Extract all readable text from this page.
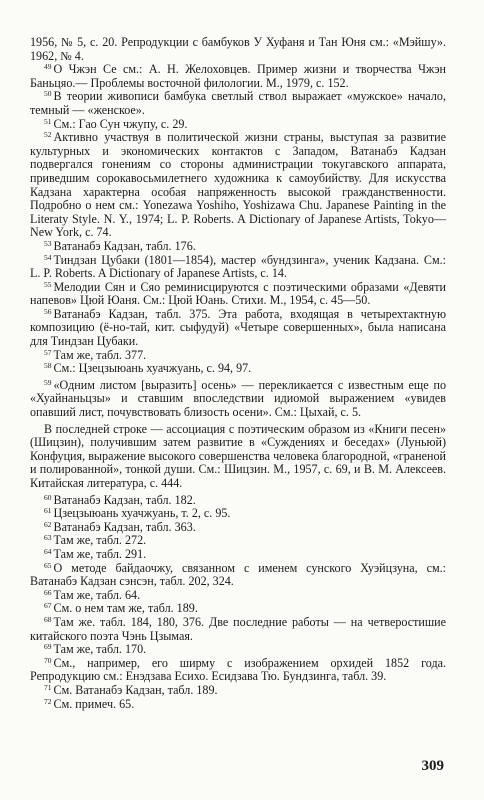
1956, № 5, с. 20. Репродукции с бамбуков У Хуфаня и Тан Юня см.: «Мэйшу». 1962, № 4.

$^{49}$ О Чжэн Се см.: А. Н. Желоховцев. Пример жизни и творчества Чжэн Баньцяо.— Проблемы восточной филологии. М., 1979, с. 152.

$^{50}$ В теории живописи бамбука светлый ствол выражает «мужское» начало, темный — «женское».

$^{51}$ См.: Гао Сун чжупу, с. 29.

$^{52}$ Активно участвуя в политической жизни страны, выступая за развитие культурных и экономических контактов с Западом, Ватанабэ Кадзан подвергался гонениям со стороны администрации токугавского аппарата, приведшим сорокавосьмилетнего художника к самоубийству. Для искусства Кадзана характерна особая напряженность высокой гражданственности. Подробно о нем см.: Yonezawa Yoshiho, Yoshizawa Chu. Japanese Painting in the Literaty Style. N. Y., 1974; L. P. Roberts. A Dictionary of Japanese Artists, Tokyo—New York, с. 74.

$^{53}$ Ватанабэ Кадзан, табл. 176.

$^{54}$ Тиндзан Цубаки (1801—1854), мастер «бундзинга», ученик Кадзана. См.: L. P. Roberts. A Dictionary of Japanese Artists, с. 14.

$^{55}$ Мелодии Сян и Сяо реминисцируются с поэтическими образами «Девяти напевов» Цюй Юаня. См.: Цюй Юань. Стихи. М., 1954, с. 45—50.

$^{56}$ Ватанабэ Кадзан, табл. 375. Эта работа, входящая в четырехтактную композицию (ё-но-тай, кит. сыфудуй) «Четыре совершенных», была написана для Тиндзан Цубаки.

$^{57}$ Там же, табл. 377.

$^{58}$ См.: Цзецзыюань хуачжуань, с. 94, 97.

$^{59}$ «Одним листом [выразить] осень» — перекликается с известным еще по «Хуайнаньцзы» и ставшим впоследствии идиомой выражением «увидев опавший лист, почувствовать близость осени». См.: Цыхай, с. 5.

В последней строке — ассоциация с поэтическим образом из «Книги песен» (Шицзин), получившим затем развитие в «Суждениях и беседах» (Луньюй) Конфуция, выражение высокого совершенства человека благородной, «граненой и полированной», тонкой души. См.: Шицзин. М., 1957, с. 69, и В. М. Алексеев. Китайская литература, с. 444.

$^{60}$ Ватанабэ Кадзан, табл. 182.

$^{61}$ Цзецзыюань хуачжуань, т. 2, с. 95.

$^{62}$ Ватанабэ Кадзан, табл. 363.

$^{63}$ Там же, табл. 272.

$^{64}$ Там же, табл. 291.

$^{65}$ О методе байдаочжу, связанном с именем сунского Хуэйцзуна, см.: Ватанабэ Кадзан сэнсэн, табл. 202, 324.

$^{66}$ Там же, табл. 64.

$^{67}$ См. о нем там же, табл. 189.

$^{68}$ Там же. табл. 184, 180, 376. Две последние работы — на четверостишие китайского поэта Чэнь Цзымая.

$^{69}$ Там же, табл. 170.

$^{70}$ См., например, его ширму с изображением орхидей 1852 года. Репродукцию см.: Енэдзава Есихо. Есидзава Тю. Бундзинга, табл. 39.

$^{71}$ См. Ватанабэ Кадзан, табл. 189.

$^{72}$ См. примеч. 65.

309
